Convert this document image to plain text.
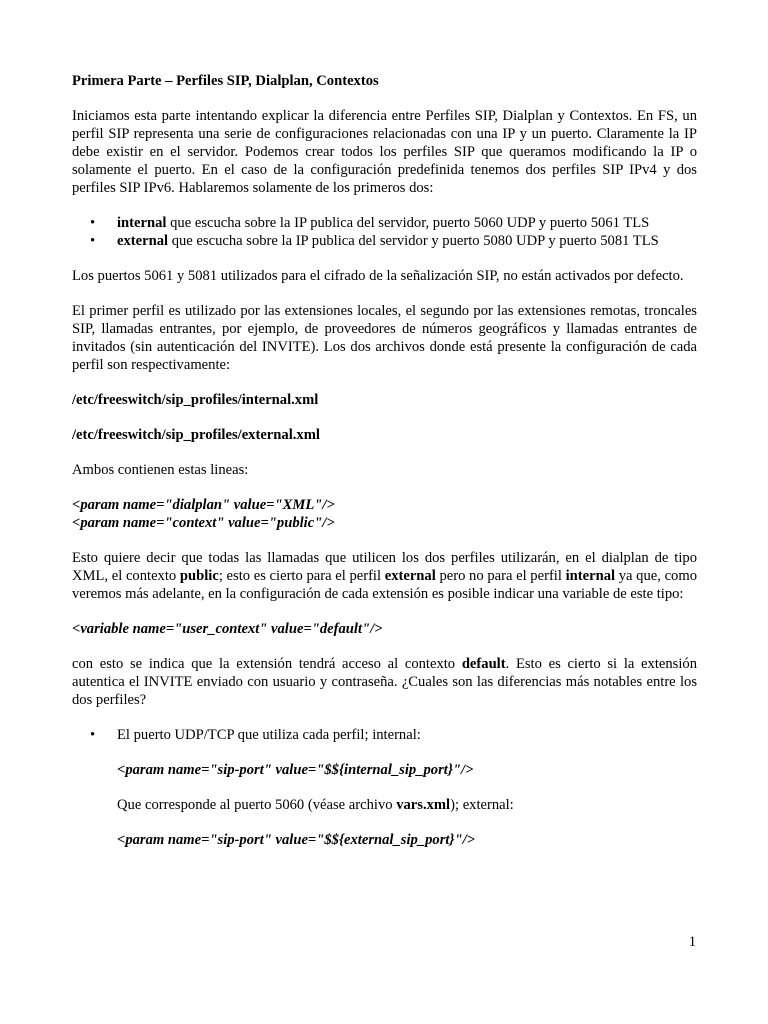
Primera Parte – Perfiles SIP, Dialplan, Contextos

Iniciamos esta parte intentando explicar la diferencia entre Perfiles SIP, Dialplan y Contextos. En FS, un perfil SIP representa una serie de configuraciones relacionadas con una IP y un puerto. Claramente la IP debe existir en el servidor. Podemos crear todos los perfiles SIP que queramos modificando la IP o solamente el puerto. En el caso de la configuración predefinida tenemos dos perfiles SIP IPv4 y dos perfiles SIP IPv6. Hablaremos solamente de los primeros dos:

• internal que escucha sobre la IP publica del servidor, puerto 5060 UDP y puerto 5061 TLS
• external que escucha sobre la IP publica del servidor y puerto 5080 UDP y puerto 5081 TLS

Los puertos 5061 y 5081 utilizados para el cifrado de la señalización SIP, no están activados por defecto.

El primer perfil es utilizado por las extensiones locales, el segundo por las extensiones remotas, troncales SIP, llamadas entrantes, por ejemplo, de proveedores de números geográficos y llamadas entrantes de invitados (sin autenticación del INVITE). Los dos archivos donde está presente la configuración de cada perfil son respectivamente:

/etc/freeswitch/sip_profiles/internal.xml

/etc/freeswitch/sip_profiles/external.xml

Ambos contienen estas lineas:

<param name="dialplan" value="XML"/>
<param name="context" value="public"/>

Esto quiere decir que todas las llamadas que utilicen los dos perfiles utilizarán, en el dialplan de tipo XML, el contexto public; esto es cierto para el perfil external pero no para el perfil internal ya que, como veremos más adelante, en la configuración de cada extensión es posible indicar una variable de este tipo:

<variable name="user_context" value="default"/>

con esto se indica que la extensión tendrá acceso al contexto default. Esto es cierto si la extensión autentica el INVITE enviado con usuario y contraseña. ¿Cuales son las diferencias más notables entre los dos perfiles?

• El puerto UDP/TCP que utiliza cada perfil; internal:

<param name="sip-port" value="$${internal_sip_port}"/>

Que corresponde al puerto 5060 (véase archivo vars.xml); external:

<param name="sip-port" value="$${external_sip_port}"/>

1
